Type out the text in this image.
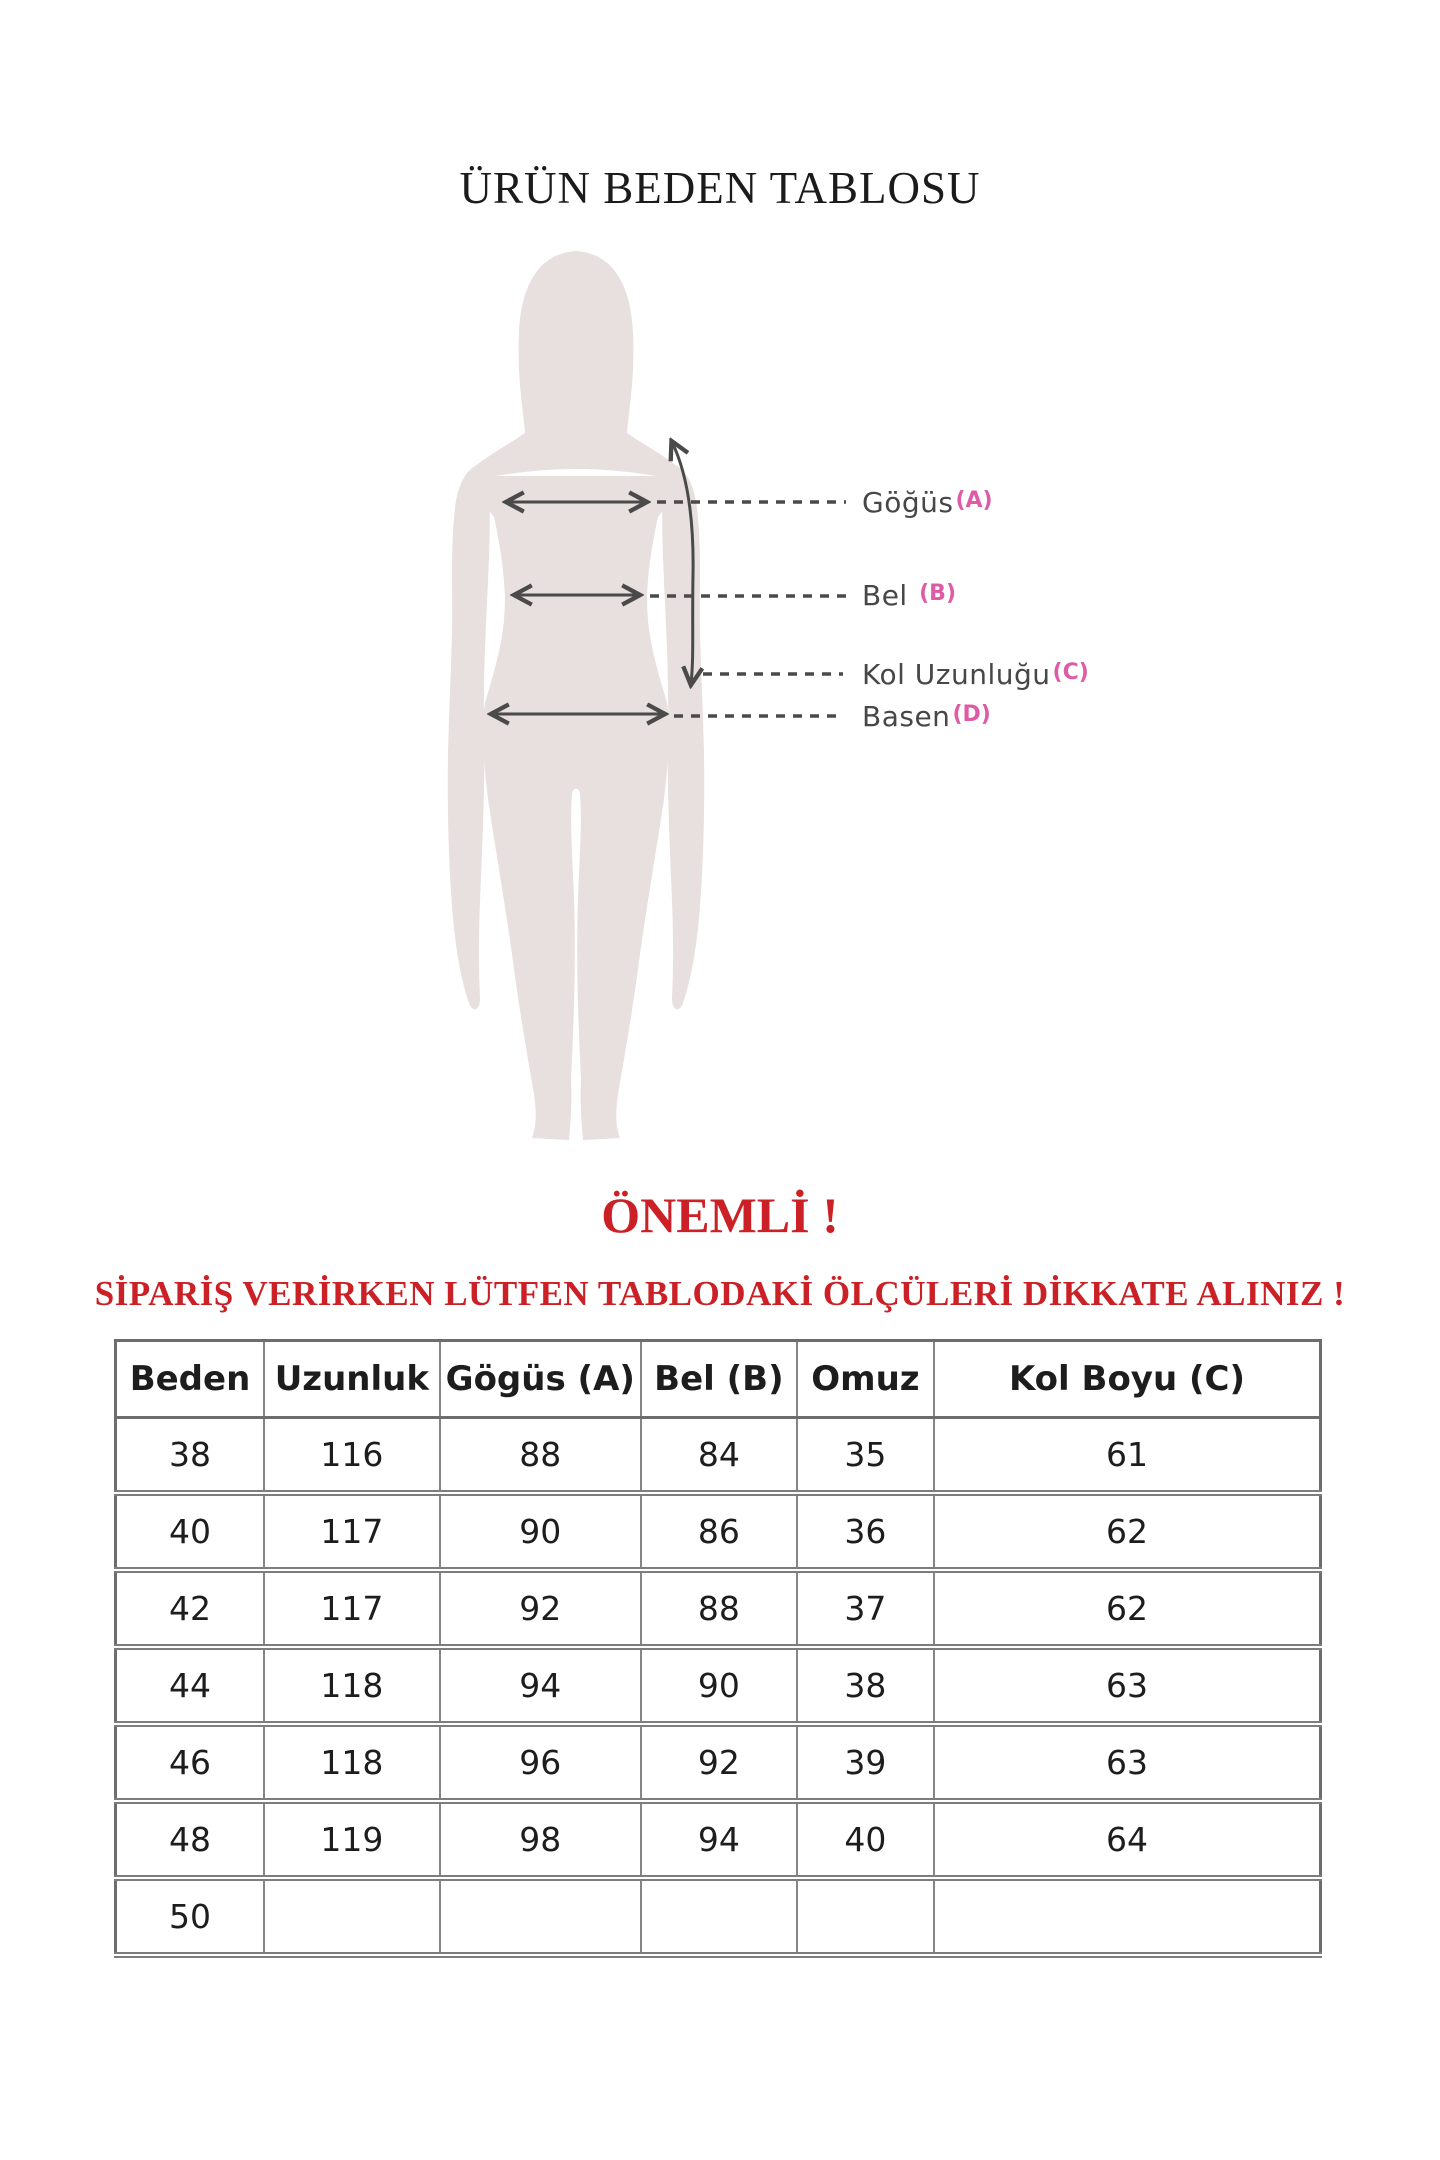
ÜRÜN BEDEN TABLOSU
Göğüs(A)
Bel (B)
Kol Uzunluğu(C)
Basen(D)
ÖNEMLİ !
SİPARİŞ VERİRKEN LÜTFEN TABLODAKİ ÖLÇÜLERİ DİKKATE ALINIZ !
Beden	Uzunluk	Gögüs (A)	Bel (B)	Omuz	Kol Boyu (C)
38	116	88	84	35	61
40	117	90	86	36	62
42	117	92	88	37	62
44	118	94	90	38	63
46	118	96	92	39	63
48	119	98	94	40	64
50					
